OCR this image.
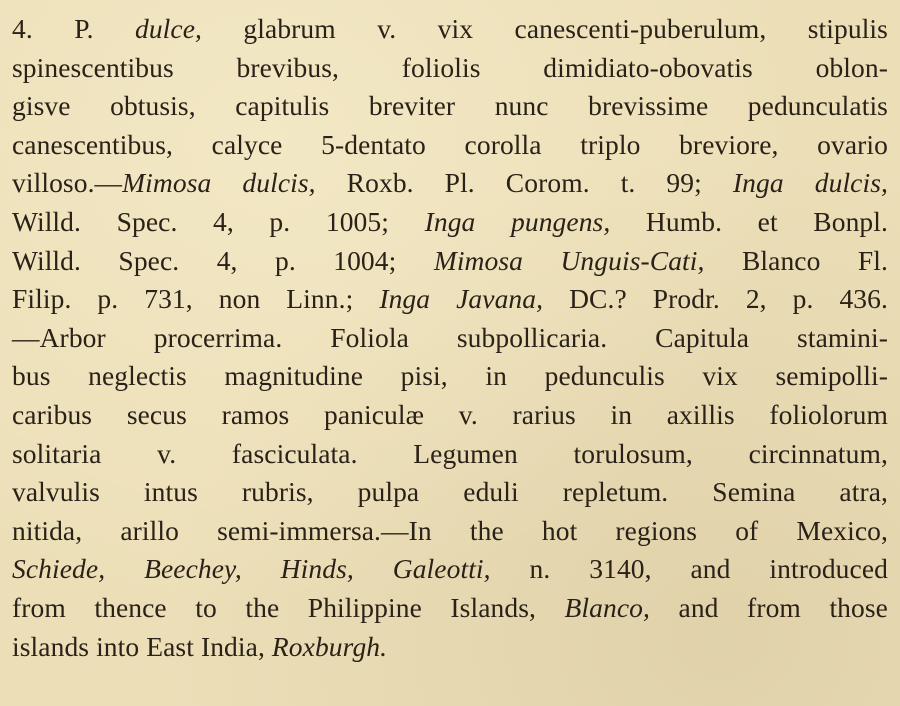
4. P. dulce, glabrum v. vix canescenti-puberulum, stipulis
spinescentibus brevibus, foliolis dimidiato-obovatis oblon-
gisve obtusis, capitulis breviter nunc brevissime pedunculatis
canescentibus, calyce 5-dentato corolla triplo breviore, ovario
villoso.—Mimosa dulcis, Roxb. Pl. Corom. t. 99; Inga dulcis,
Willd. Spec. 4, p. 1005; Inga pungens, Humb. et Bonpl.
Willd. Spec. 4, p. 1004; Mimosa Unguis-Cati, Blanco Fl.
Filip. p. 731, non Linn.; Inga Javana, DC.? Prodr. 2, p. 436.
—Arbor procerrima. Foliola subpollicaria. Capitula stamini-
bus neglectis magnitudine pisi, in pedunculis vix semipolli-
caribus secus ramos paniculæ v. rarius in axillis foliolorum
solitaria v. fasciculata. Legumen torulosum, circinnatum,
valvulis intus rubris, pulpa eduli repletum. Semina atra,
nitida, arillo semi-immersa.—In the hot regions of Mexico,
Schiede, Beechey, Hinds, Galeotti, n. 3140, and introduced
from thence to the Philippine Islands, Blanco, and from those
islands into East India, Roxburgh.
